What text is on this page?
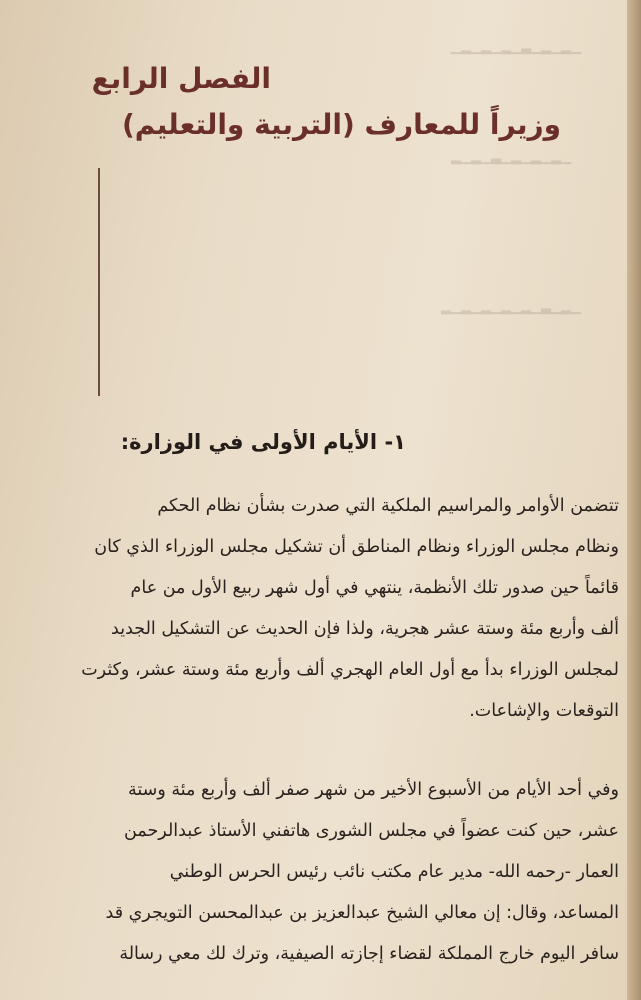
▁▂▁▂▁▃▁▂▁▂▁▂▁
▁▂▁▂▁▂▁▃▁▂▁▂
▁▂▁▃▁▂▁▂▁▂▁▂▁▂
الفصل الرابع
وزيراً للمعارف (التربية والتعليم)
١- الأيام الأولى في الوزارة:

تتضمن الأوامر والمراسيم الملكية التي صدرت بشأن نظام الحكم

ونظام مجلس الوزراء ونظام المناطق أن تشكيل مجلس الوزراء الذي كان

قائماً حين صدور تلك الأنظمة، ينتهي في أول شهر ربيع الأول من عام

ألف وأربع مئة وستة عشر هجرية، ولذا فإن الحديث عن التشكيل الجديد

لمجلس الوزراء بدأ مع أول العام الهجري ألف وأربع مئة وستة عشر، وكثرت

التوقعات والإشاعات.

وفي أحد الأيام من الأسبوع الأخير من شهر صفر ألف وأربع مئة وستة

عشر، حين كنت عضواً في مجلس الشورى هاتفني الأستاذ عبدالرحمن

العمار -رحمه الله- مدير عام مكتب نائب رئيس الحرس الوطني

المساعد، وقال: إن معالي الشيخ عبدالعزيز بن عبدالمحسن التويجري قد

سافر اليوم خارج المملكة لقضاء إجازته الصيفية، وترك لك معي رسالة
